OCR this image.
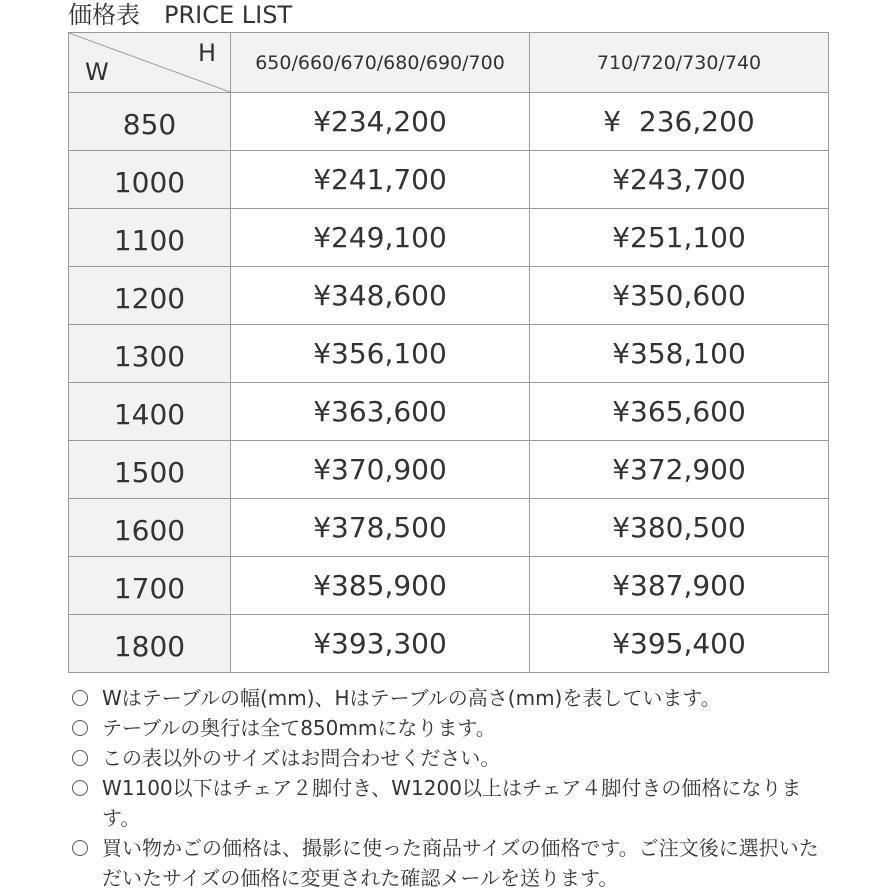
価格表　PRICE LIST
W
H	650/660/670/680/690/700	710/720/730/740
850	¥234,200	¥  236,200
1000	¥241,700	¥243,700
1100	¥249,100	¥251,100
1200	¥348,600	¥350,600
1300	¥356,100	¥358,100
1400	¥363,600	¥365,600
1500	¥370,900	¥372,900
1600	¥378,500	¥380,500
1700	¥385,900	¥387,900
1800	¥393,300	¥395,400
Wはテーブルの幅(mm)、Hはテーブルの高さ(mm)を表しています。
テーブルの奥行は全て850mmになります。
この表以外のサイズはお問合わせください。
W1100以下はチェア２脚付き、W1200以上はチェア４脚付きの価格になります。
買い物かごの価格は、撮影に使った商品サイズの価格です。ご注文後に選択いただいたサイズの価格に変更された確認メールを送ります。
